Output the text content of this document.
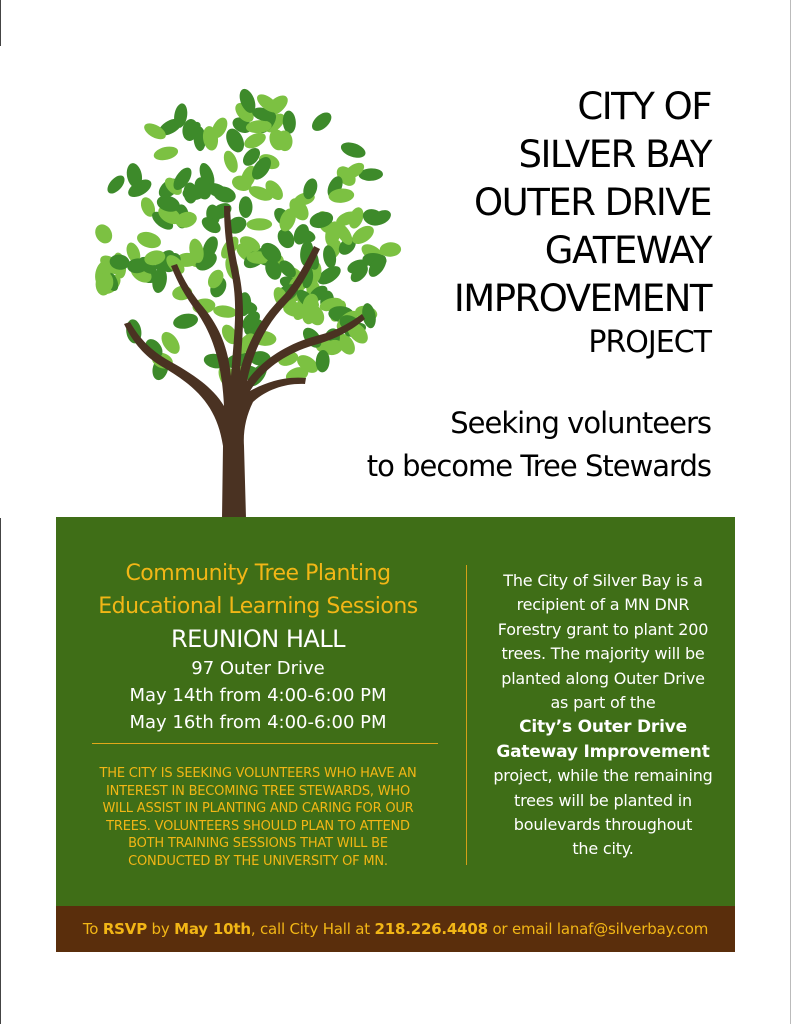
CITY OF
SILVER BAY
OUTER DRIVE
GATEWAY
IMPROVEMENT
PROJECT
Seeking volunteers
to become Tree Stewards
Community Tree Planting
Educational Learning Sessions
REUNION HALL
97 Outer Drive
May 14th from 4:00-6:00 PM
May 16th from 4:00-6:00 PM
THE CITY IS SEEKING VOLUNTEERS WHO HAVE AN
INTEREST IN BECOMING TREE STEWARDS, WHO
WILL ASSIST IN PLANTING AND CARING FOR OUR
TREES. VOLUNTEERS SHOULD PLAN TO ATTEND
BOTH TRAINING SESSIONS THAT WILL BE
CONDUCTED BY THE UNIVERSITY OF MN.
The City of Silver Bay is a
recipient of a MN DNR
Forestry grant to plant 200
trees. The majority will be
planted along Outer Drive
as part of the
City’s Outer Drive
Gateway Improvement
project, while the remaining
trees will be planted in
boulevards throughout
the city.
To RSVP by May 10th, call City Hall at 218.226.4408 or email lanaf@silverbay.com
